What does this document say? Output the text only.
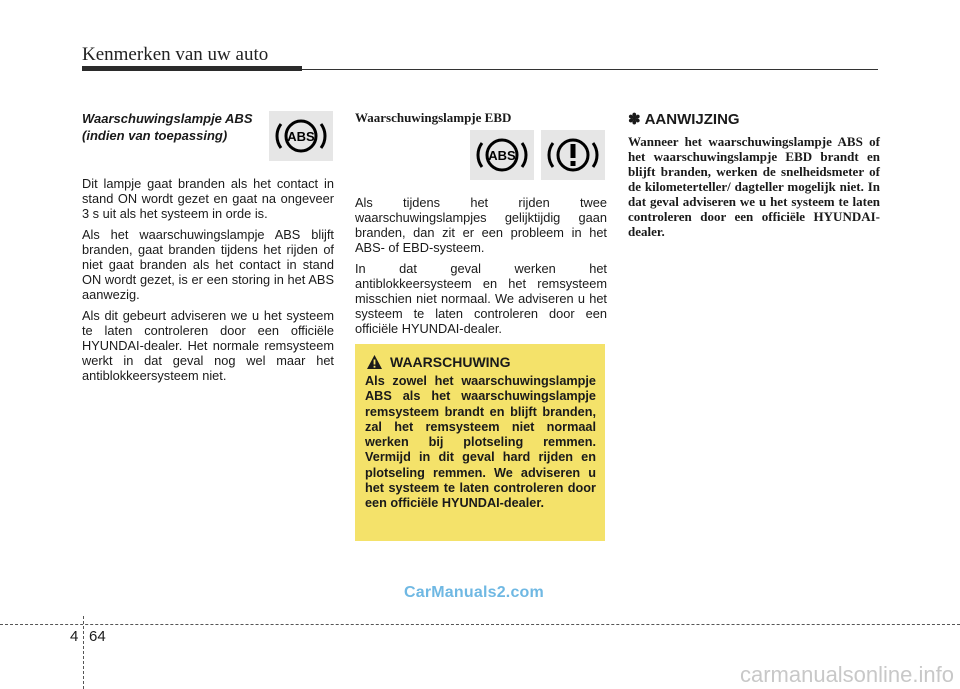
Kenmerken van uw auto
Waarschuwingslampje ABS (indien van toepassing)

Dit lampje gaat branden als het contact in stand ON wordt gezet en gaat na ongeveer 3 s uit als het systeem in orde is.

Als het waarschuwingslampje ABS blijft branden, gaat branden tijdens het rijden of niet gaat branden als het contact in stand ON wordt gezet, is er een storing in het ABS aanwezig.

Als dit gebeurt adviseren we u het systeem te laten controleren door een officiële HYUNDAI-dealer. Het normale remsysteem werkt in dat geval nog wel maar het antiblokkeersysteem niet.

ABS
Waarschuwingslampje EBD

Als tijdens het rijden twee waarschuwingslampjes gelijktijdig gaan branden, dan zit er een probleem in het ABS- of EBD-systeem.

In dat geval werken het antiblokkeersysteem en het remsysteem misschien niet normaal. We adviseren u het systeem te laten controleren door een officiële HYUNDAI-dealer.

ABS
WAARSCHUWING
Als zowel het waarschuwingslampje ABS als het waarschuwingslampje remsysteem brandt en blijft branden, zal het remsysteem niet normaal werken bij plotseling remmen. Vermijd in dit geval hard rijden en plotseling remmen. We adviseren u het systeem te laten controleren door een officiële HYUNDAI-dealer.
✽ AANWIJZING
Wanneer het waarschuwingslampje ABS of het waarschuwingslampje EBD brandt en blijft branden, werken de snelheidsmeter of de kilometerteller/ dagteller mogelijk niet. In dat geval adviseren we u het systeem te laten controleren door een officiële HYUNDAI-dealer.
CarManuals2.com
4 64
carmanualsonline.info
